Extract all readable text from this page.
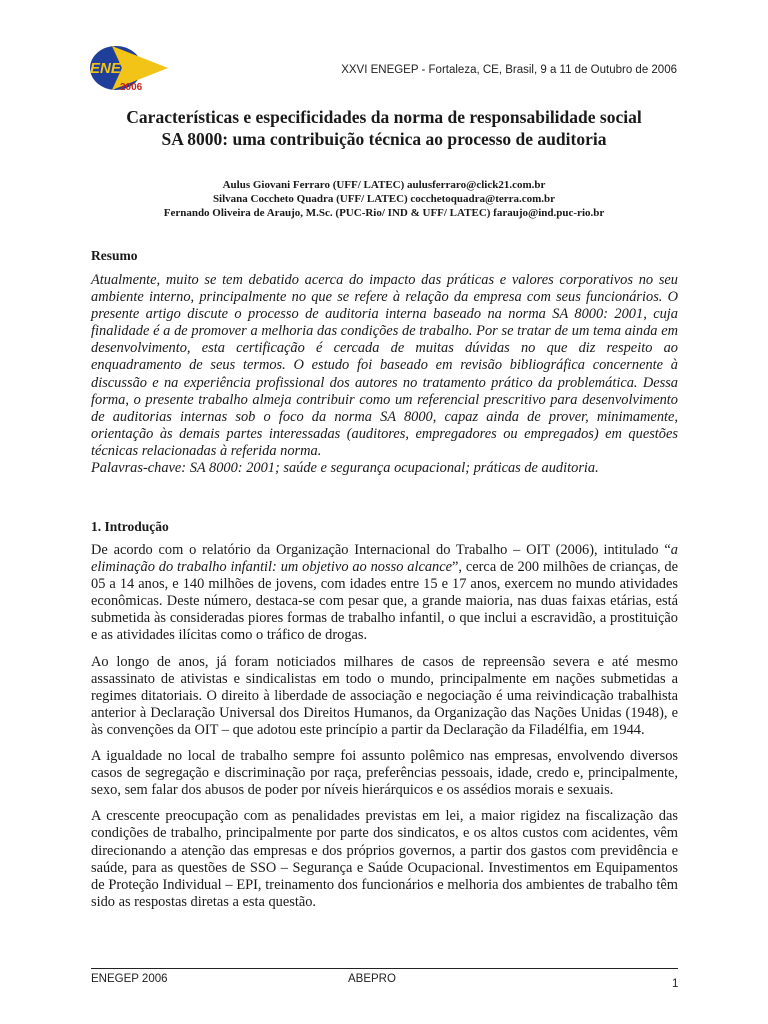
ENEGEP
2006
XXVI ENEGEP - Fortaleza, CE, Brasil, 9 a 11 de Outubro de 2006
Características e especificidades da norma de responsabilidade social
SA 8000: uma contribuição técnica ao processo de auditoria
Aulus Giovani Ferraro (UFF/ LATEC) aulusferraro@click21.com.br
Silvana Coccheto Quadra (UFF/ LATEC) cocchetoquadra@terra.com.br
Fernando Oliveira de Araujo, M.Sc. (PUC-Rio/ IND & UFF/ LATEC) faraujo@ind.puc-rio.br
Resumo

Atualmente, muito se tem debatido acerca do impacto das práticas e valores corporativos no seu ambiente interno, principalmente no que se refere à relação da empresa com seus funcionários. O presente artigo discute o processo de auditoria interna baseado na norma SA 8000: 2001, cuja finalidade é a de promover a melhoria das condições de trabalho. Por se tratar de um tema ainda em desenvolvimento, esta certificação é cercada de muitas dúvidas no que diz respeito ao enquadramento de seus termos. O estudo foi baseado em revisão bibliográfica concernente à discussão e na experiência profissional dos autores no tratamento prático da problemática. Dessa forma, o presente trabalho almeja contribuir como um referencial prescritivo para desenvolvimento de auditorias internas sob o foco da norma SA 8000, capaz ainda de prover, minimamente, orientação às demais partes interessadas (auditores, empregadores ou empregados) em questões técnicas relacionadas à referida norma.

Palavras-chave: SA 8000: 2001; saúde e segurança ocupacional; práticas de auditoria.

1. Introdução

De acordo com o relatório da Organização Internacional do Trabalho – OIT (2006), intitulado “a eliminação do trabalho infantil: um objetivo ao nosso alcance”, cerca de 200 milhões de crianças, de 05 a 14 anos, e 140 milhões de jovens, com idades entre 15 e 17 anos, exercem no mundo atividades econômicas. Deste número, destaca-se com pesar que, a grande maioria, nas duas faixas etárias, está submetida às consideradas piores formas de trabalho infantil, o que inclui a escravidão, a prostituição e as atividades ilícitas como o tráfico de drogas.

Ao longo de anos, já foram noticiados milhares de casos de repreensão severa e até mesmo assassinato de ativistas e sindicalistas em todo o mundo, principalmente em nações submetidas a regimes ditatoriais. O direito à liberdade de associação e negociação é uma reivindicação trabalhista anterior à Declaração Universal dos Direitos Humanos, da Organização das Nações Unidas (1948), e às convenções da OIT – que adotou este princípio a partir da Declaração da Filadélfia, em 1944.

A igualdade no local de trabalho sempre foi assunto polêmico nas empresas, envolvendo diversos casos de segregação e discriminação por raça, preferências pessoais, idade, credo e, principalmente, sexo, sem falar dos abusos de poder por níveis hierárquicos e os assédios morais e sexuais.

A crescente preocupação com as penalidades previstas em lei, a maior rigidez na fiscalização das condições de trabalho, principalmente por parte dos sindicatos, e os altos custos com acidentes, vêm direcionando a atenção das empresas e dos próprios governos, a partir dos gastos com previdência e saúde, para as questões de SSO – Segurança e Saúde Ocupacional. Investimentos em Equipamentos de Proteção Individual – EPI, treinamento dos funcionários e melhoria dos ambientes de trabalho têm sido as respostas diretas a esta questão.

ENEGEP 2006	ABEPRO	1
